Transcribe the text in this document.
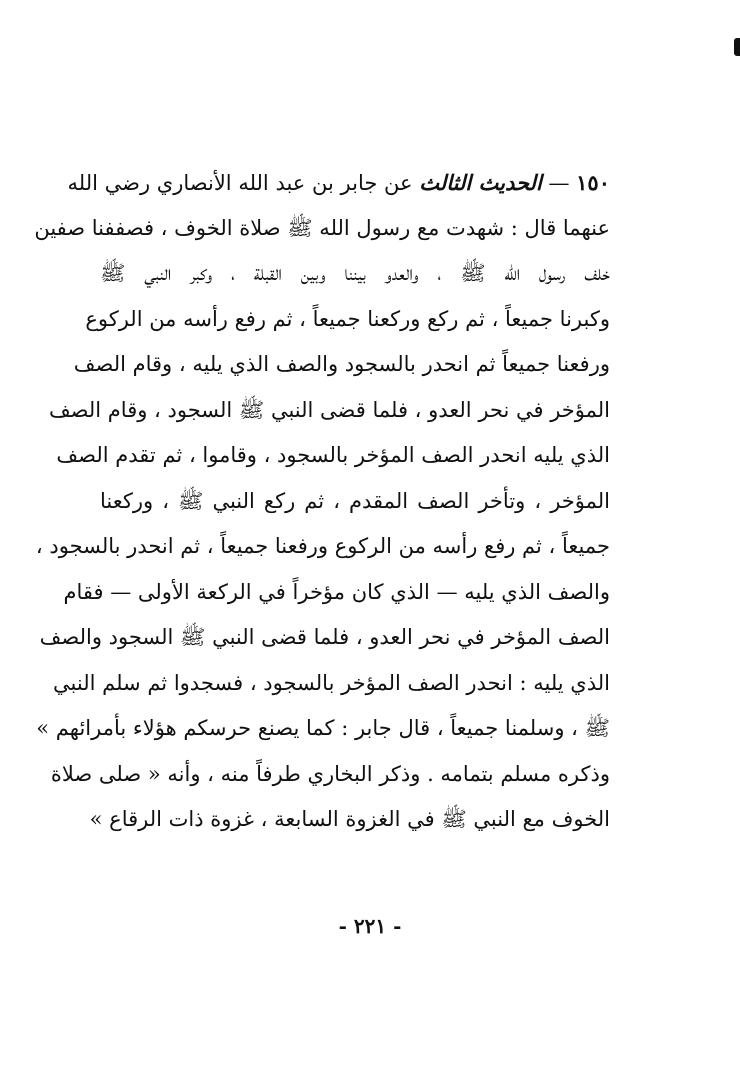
١٥٠ — الحديث الثالث عن جابر بن عبد الله الأنصاري رضي الله
عنهما قال : شهدت مع رسول الله ﷺ صلاة الخوف ، فصففنا صفين
خلف رسول الله ﷺ ، والعدو بيننا وبين القبلة ، وكبر النبي ﷺ
وكبرنا جميعاً ، ثم ركع وركعنا جميعاً ، ثم رفع رأسه من الركوع
ورفعنا جميعاً ثم انحدر بالسجود والصف الذي يليه ، وقام الصف
المؤخر في نحر العدو ، فلما قضى النبي ﷺ السجود ، وقام الصف
الذي يليه انحدر الصف المؤخر بالسجود ، وقاموا ، ثم تقدم الصف
المؤخر ، وتأخر الصف المقدم ، ثم ركع النبي ﷺ ، وركعنا
جميعاً ، ثم رفع رأسه من الركوع ورفعنا جميعاً ، ثم انحدر بالسجود ،
والصف الذي يليه — الذي كان مؤخراً في الركعة الأولى — فقام
الصف المؤخر في نحر العدو ، فلما قضى النبي ﷺ السجود والصف
الذي يليه : انحدر الصف المؤخر بالسجود ، فسجدوا ثم سلم النبي
ﷺ ، وسلمنا جميعاً ، قال جابر : كما يصنع حرسكم هؤلاء بأمرائهم »
وذكره مسلم بتمامه . وذكر البخاري طرفاً منه ، وأنه « صلى صلاة
الخوف مع النبي ﷺ في الغزوة السابعة ، غزوة ذات الرقاع »
- ٢٢١ -
